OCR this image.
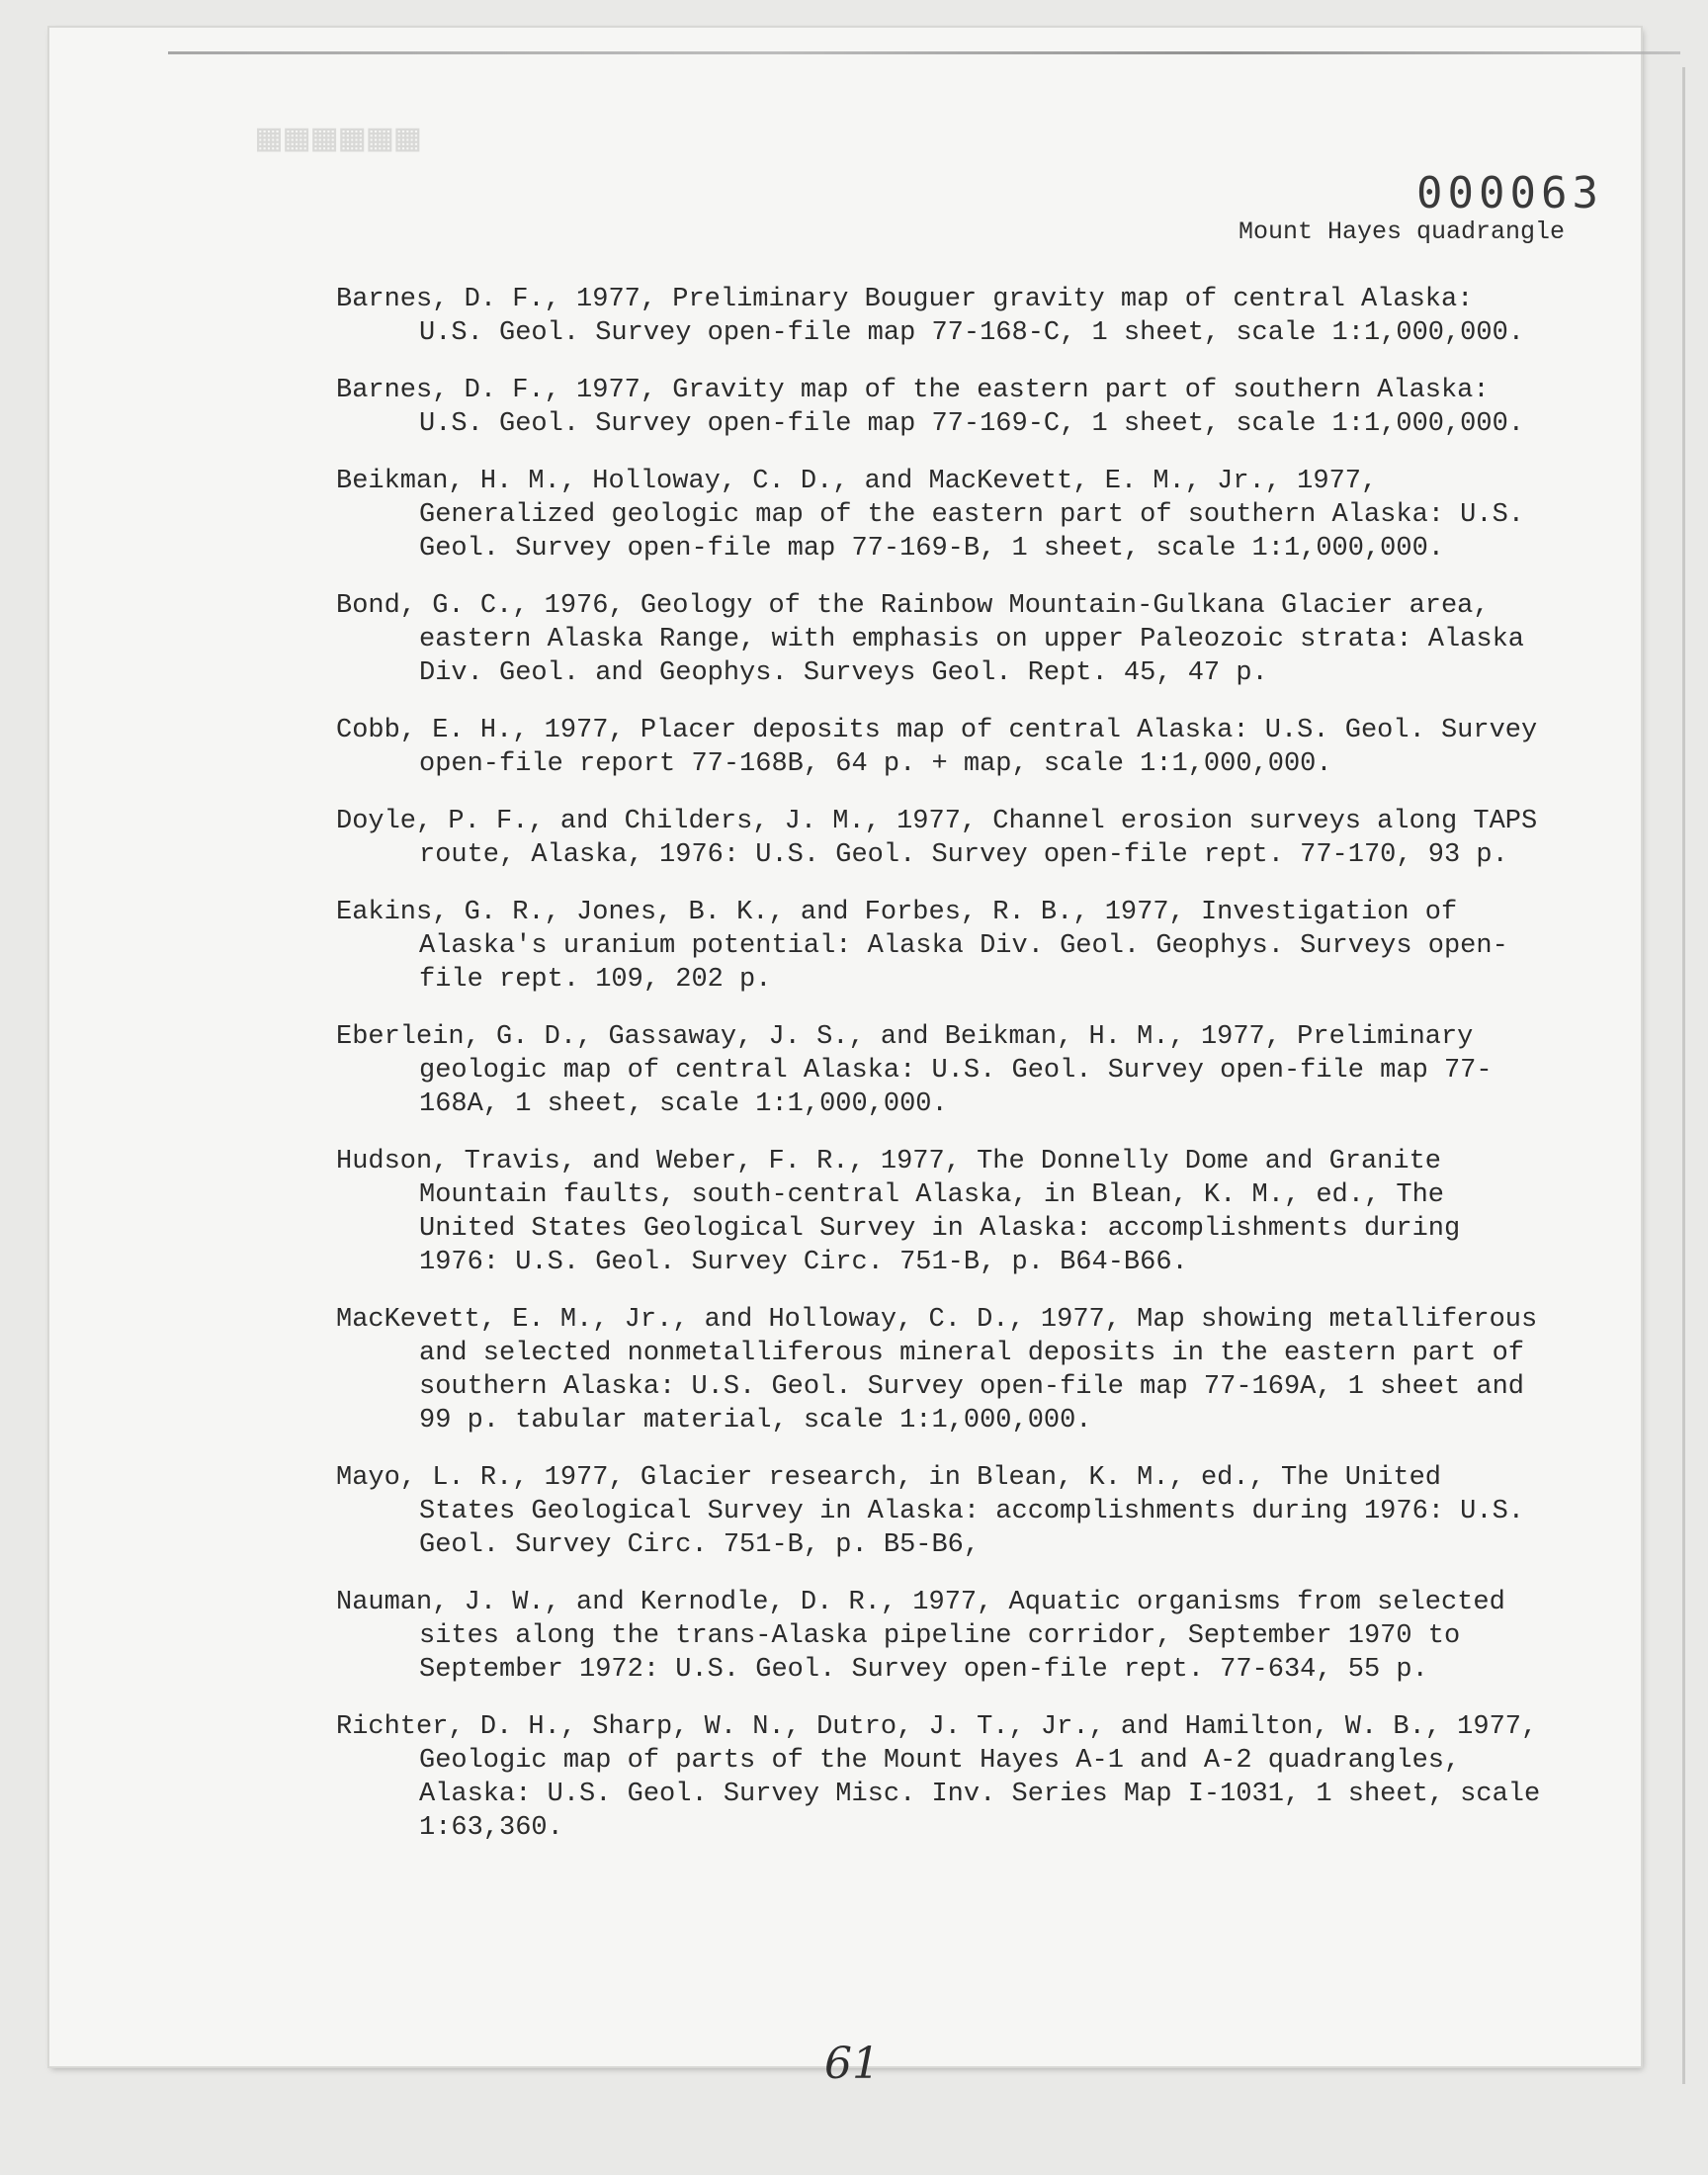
▦▦▦▦▦▦
000063
Mount Hayes quadrangle
Barnes, D. F., 1977, Preliminary Bouguer gravity map of central Alaska: U.S. Geol. Survey open-file map 77-168-C, 1 sheet, scale 1:1,000,000.
Barnes, D. F., 1977, Gravity map of the eastern part of southern Alaska: U.S. Geol. Survey open-file map 77-169-C, 1 sheet, scale 1:1,000,000.
Beikman, H. M., Holloway, C. D., and MacKevett, E. M., Jr., 1977, Generalized geologic map of the eastern part of southern Alaska: U.S. Geol. Survey open-file map 77-169-B, 1 sheet, scale 1:1,000,000.
Bond, G. C., 1976, Geology of the Rainbow Mountain-Gulkana Glacier area, eastern Alaska Range, with emphasis on upper Paleozoic strata: Alaska Div. Geol. and Geophys. Surveys Geol. Rept. 45, 47 p.
Cobb, E. H., 1977, Placer deposits map of central Alaska: U.S. Geol. Survey open-file report 77-168B, 64 p. + map, scale 1:1,000,000.
Doyle, P. F., and Childers, J. M., 1977, Channel erosion surveys along TAPS route, Alaska, 1976: U.S. Geol. Survey open-file rept. 77-170, 93 p.
Eakins, G. R., Jones, B. K., and Forbes, R. B., 1977, Investigation of Alaska's uranium potential: Alaska Div. Geol. Geophys. Surveys open-file rept. 109, 202 p.
Eberlein, G. D., Gassaway, J. S., and Beikman, H. M., 1977, Preliminary geologic map of central Alaska: U.S. Geol. Survey open-file map 77-168A, 1 sheet, scale 1:1,000,000.
Hudson, Travis, and Weber, F. R., 1977, The Donnelly Dome and Granite Mountain faults, south-central Alaska, in Blean, K. M., ed., The United States Geological Survey in Alaska: accomplishments during 1976: U.S. Geol. Survey Circ. 751-B, p. B64-B66.
MacKevett, E. M., Jr., and Holloway, C. D., 1977, Map showing metalliferous and selected nonmetalliferous mineral deposits in the eastern part of southern Alaska: U.S. Geol. Survey open-file map 77-169A, 1 sheet and 99 p. tabular material, scale 1:1,000,000.
Mayo, L. R., 1977, Glacier research, in Blean, K. M., ed., The United States Geological Survey in Alaska: accomplishments during 1976: U.S. Geol. Survey Circ. 751-B, p. B5-B6,
Nauman, J. W., and Kernodle, D. R., 1977, Aquatic organisms from selected sites along the trans-Alaska pipeline corridor, September 1970 to September 1972: U.S. Geol. Survey open-file rept. 77-634, 55 p.
Richter, D. H., Sharp, W. N., Dutro, J. T., Jr., and Hamilton, W. B., 1977, Geologic map of parts of the Mount Hayes A-1 and A-2 quadrangles, Alaska: U.S. Geol. Survey Misc. Inv. Series Map I-1031, 1 sheet, scale 1:63,360.
61
